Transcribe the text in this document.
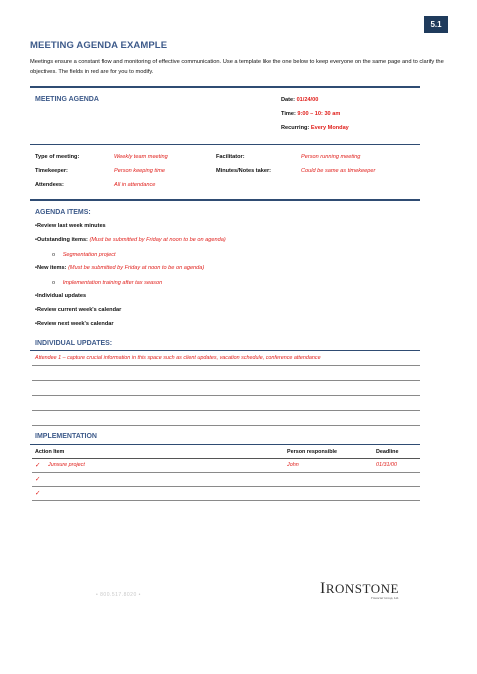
5.1
MEETING AGENDA EXAMPLE
Meetings ensure a constant flow and monitoring of effective communication. Use a template like the one below to keep everyone on the same page and to clarify the objectives. The fields in red are for you to modify.
MEETING AGENDA	Date: 01/24/00
Time: 9:00 – 10: 30 am
Recurring: Every Monday
Type of meeting:	Weekly team meeting	Facilitator:	Person running meeting
Timekeeper:	Person keeping time	Minutes/Notes taker:	Could be same as timekeeper
Attendees:	All in attendance
AGENDA ITEMS:
•Review last week minutes
•Outstanding items: (Must be submitted by Friday at noon to be on agenda)
o Segmentation project
•New items: (Must be submitted by Friday at noon to be on agenda)
o Implementation training after tax season
•Individual updates
•Review current week's calendar
•Review next week's calendar
INDIVIDUAL UPDATES:
Attendee 1 – capture crucial information in this space such as client updates, vacation schedule, conference attendance
IMPLEMENTATION
Action Item	Person responsible	Deadline
✓ Junxure project	John	01/31/00
✓
✓
• 800.517.8020 •	IRONSTONE
Financial Group, Ltd.
